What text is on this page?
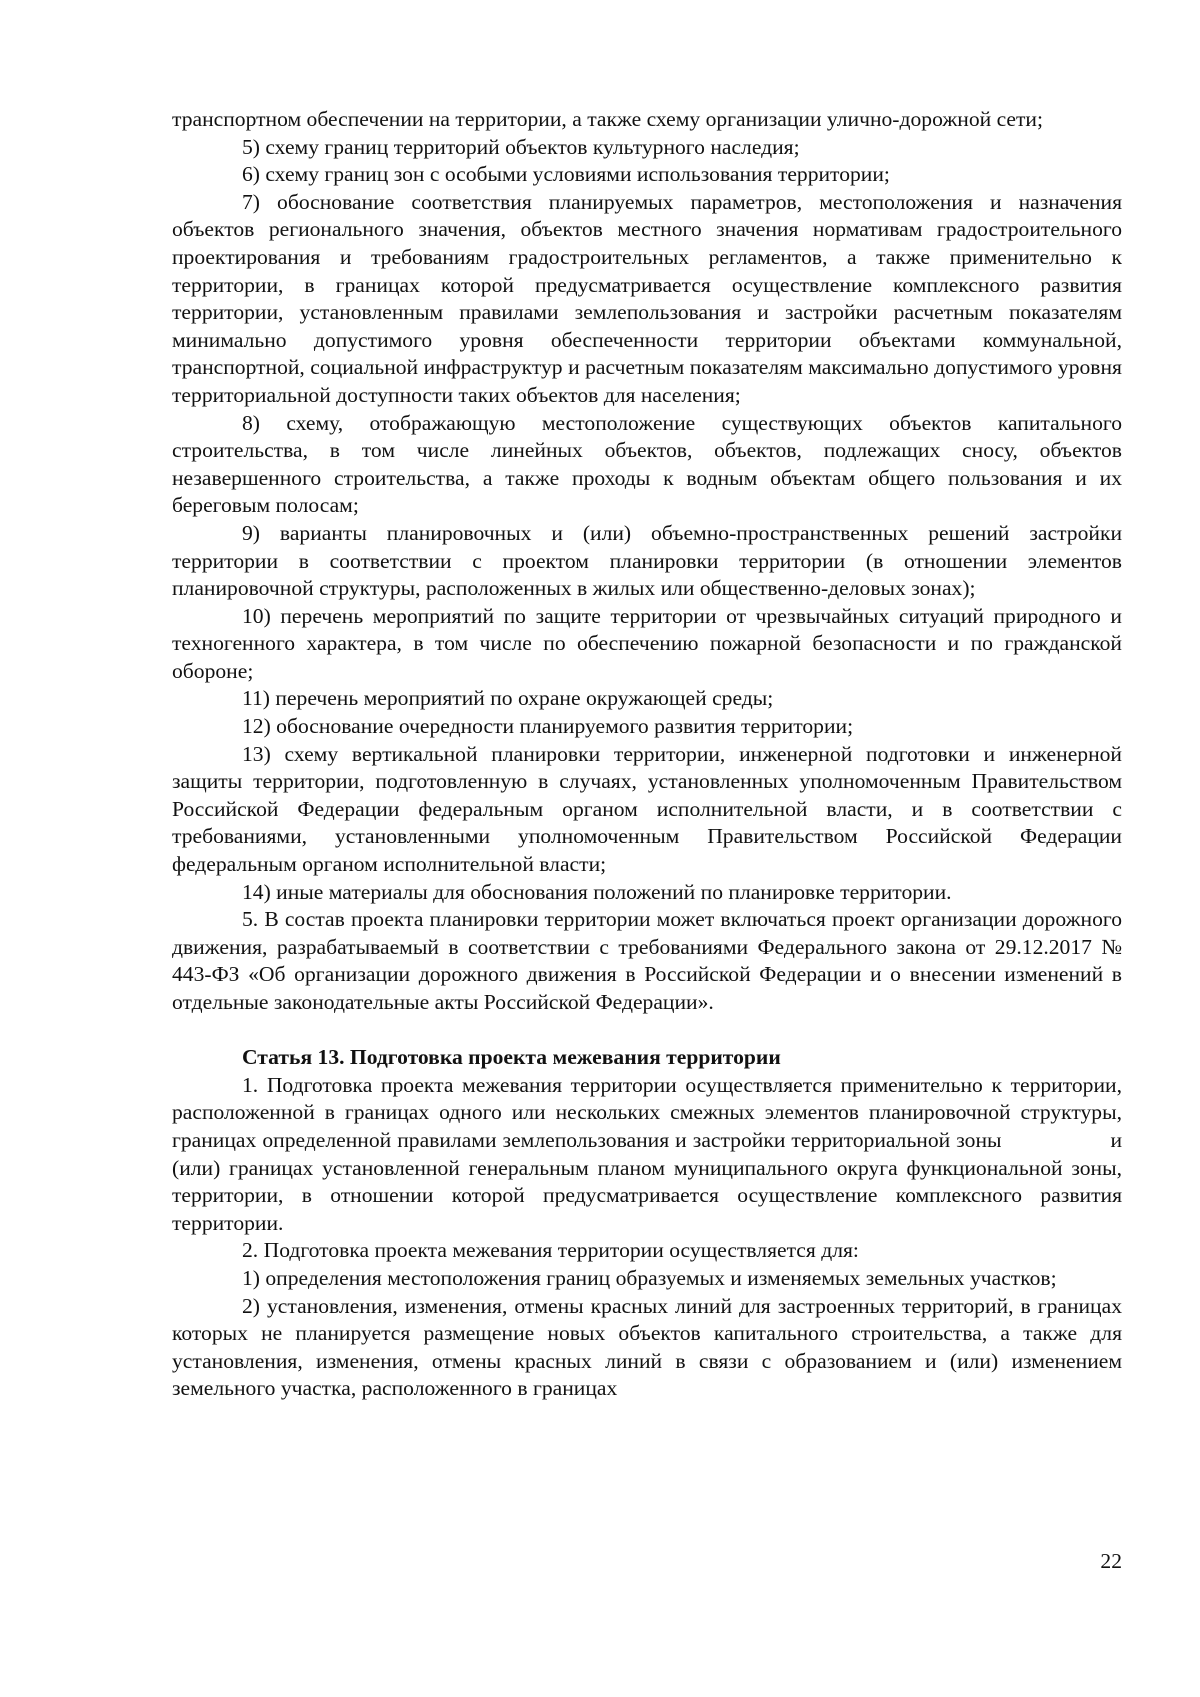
транспортном обеспечении на территории, а также схему организации улично-дорожной сети;

5) схему границ территорий объектов культурного наследия;

6) схему границ зон с особыми условиями использования территории;

7) обоснование соответствия планируемых параметров, местоположения и назначения объектов регионального значения, объектов местного значения нормативам градостроительного проектирования и требованиям градостроительных регламентов, а также применительно к территории, в границах которой предусматривается осуществление комплексного развития территории, установленным правилами землепользования и застройки расчетным показателям минимально допустимого уровня обеспеченности территории объектами коммунальной, транспортной, социальной инфраструктур и расчетным показателям максимально допустимого уровня территориальной доступности таких объектов для населения;

8) схему, отображающую местоположение существующих объектов капитального строительства, в том числе линейных объектов, объектов, подлежащих сносу, объектов незавершенного строительства, а также проходы к водным объектам общего пользования и их береговым полосам;

9) варианты планировочных и (или) объемно-пространственных решений застройки территории в соответствии с проектом планировки территории (в отношении элементов планировочной структуры, расположенных в жилых или общественно-деловых зонах);

10) перечень мероприятий по защите территории от чрезвычайных ситуаций природного и техногенного характера, в том числе по обеспечению пожарной безопасности и по гражданской обороне;

11) перечень мероприятий по охране окружающей среды;

12) обоснование очередности планируемого развития территории;

13) схему вертикальной планировки территории, инженерной подготовки и инженерной защиты территории, подготовленную в случаях, установленных уполномоченным Правительством Российской Федерации федеральным органом исполнительной власти, и в соответствии с требованиями, установленными уполномоченным Правительством Российской Федерации федеральным органом исполнительной власти;

14) иные материалы для обоснования положений по планировке территории.

5. В состав проекта планировки территории может включаться проект организации дорожного движения, разрабатываемый в соответствии с требованиями Федерального закона от 29.12.2017 № 443-ФЗ «Об организации дорожного движения в Российской Федерации и о внесении изменений в отдельные законодательные акты Российской Федерации».

Статья 13. Подготовка проекта межевания территории

1. Подготовка проекта межевания территории осуществляется применительно к территории, расположенной в границах одного или нескольких смежных элементов планировочной структуры, границах определенной правилами землепользования и застройки территориальной зоны                  и (или) границах установленной генеральным планом муниципального округа функциональной зоны, территории, в отношении которой предусматривается осуществление комплексного развития территории.

2. Подготовка проекта межевания территории осуществляется для:

1) определения местоположения границ образуемых и изменяемых земельных участков;

2) установления, изменения, отмены красных линий для застроенных территорий, в границах которых не планируется размещение новых объектов капитального строительства, а также для установления, изменения, отмены красных линий в связи с образованием и (или) изменением земельного участка, расположенного в границах

22
